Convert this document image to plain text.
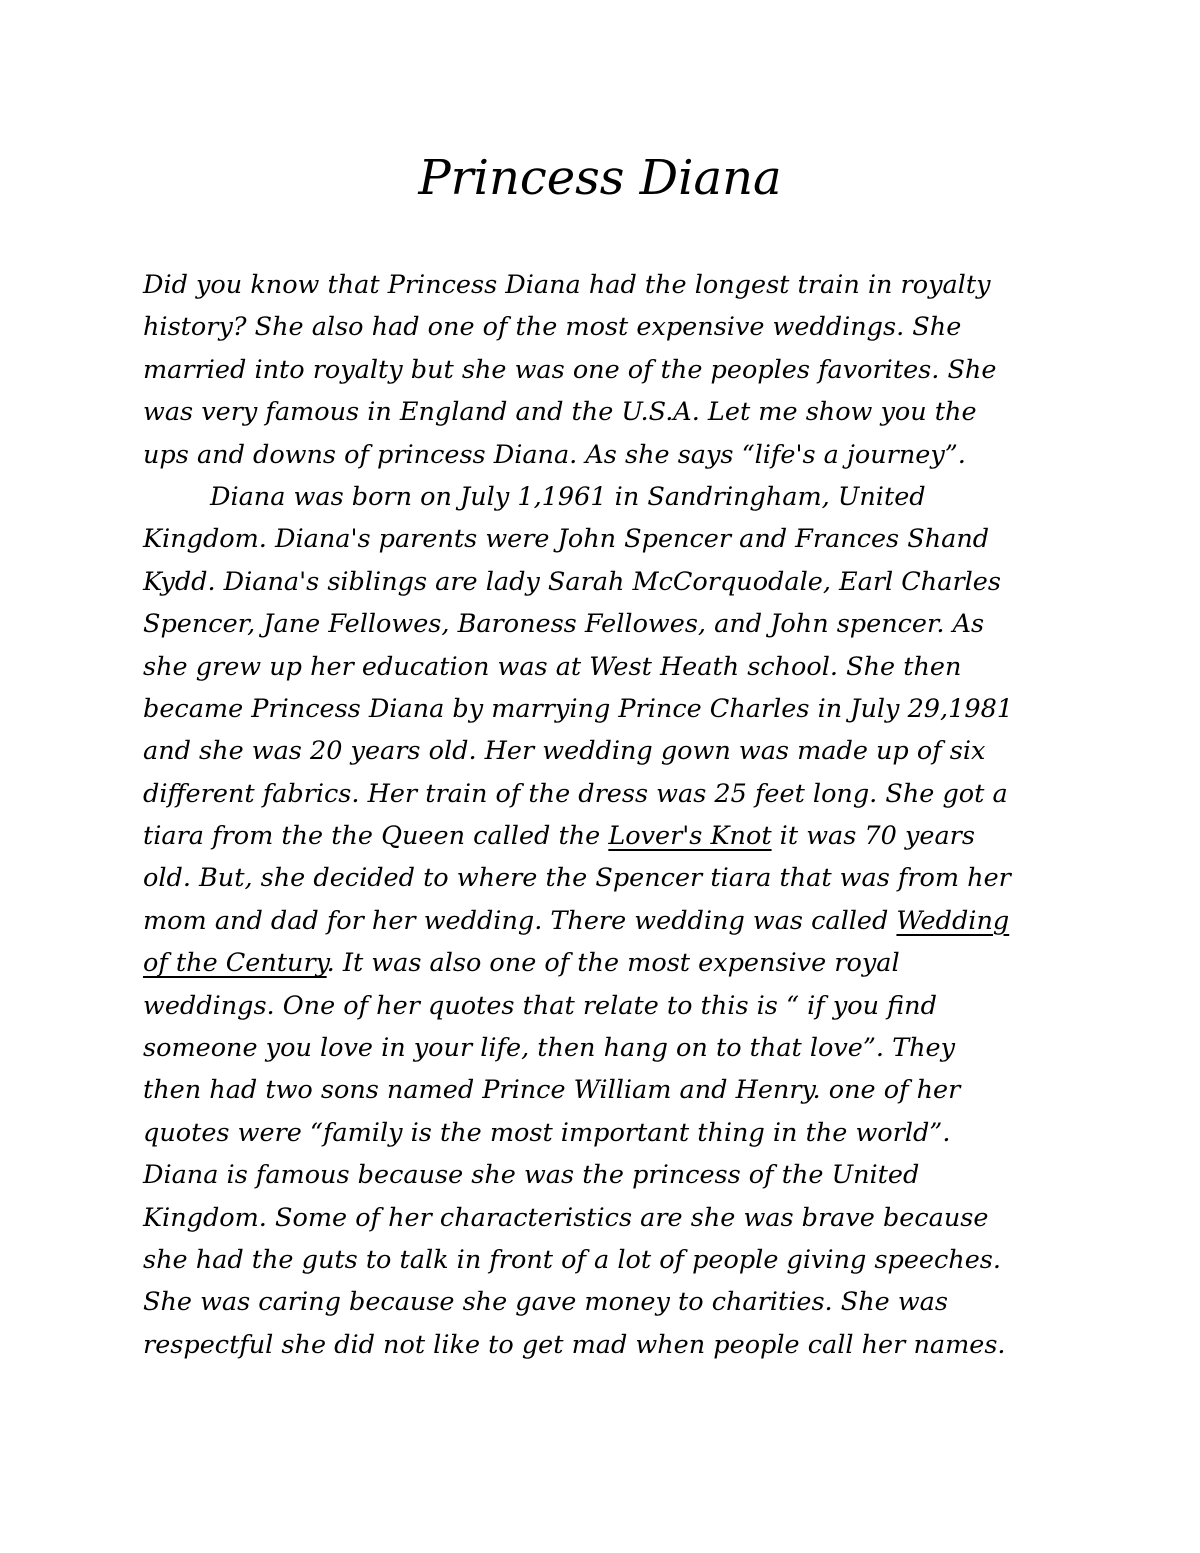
Princess Diana
Did you know that Princess Diana had the longest train in royalty
history? She also had one of the most expensive weddings. She
married into royalty but she was one of the peoples favorites. She
was very famous in England and the U.S.A. Let me show you the
ups and downs of princess Diana. As she says “life's a journey”.
Diana was born on July 1,1961 in Sandringham, United
Kingdom. Diana's parents were John Spencer and Frances Shand
Kydd. Diana's siblings are lady Sarah McCorquodale, Earl Charles
Spencer, Jane Fellowes, Baroness Fellowes, and John spencer. As
she grew up her education was at West Heath school. She then
became Princess Diana by marrying Prince Charles in July 29,1981
and she was 20 years old. Her wedding gown was made up of six
different fabrics. Her train of the dress was 25 feet long. She got a
tiara from the the Queen called the Lover's Knot it was 70 years
old. But, she decided to where the Spencer tiara that was from her
mom and dad for her wedding. There wedding was called Wedding
of the Century. It was also one of the most expensive royal
weddings. One of her quotes that relate to this is “ if you find
someone you love in your life, then hang on to that love”. They
then had two sons named Prince William and Henry. one of her
quotes were “family is the most important thing in the world”.
Diana is famous because she was the princess of the United
Kingdom. Some of her characteristics are she was brave because
she had the guts to talk in front of a lot of people giving speeches.
She was caring because she gave money to charities. She was
respectful she did not like to get mad when people call her names.
